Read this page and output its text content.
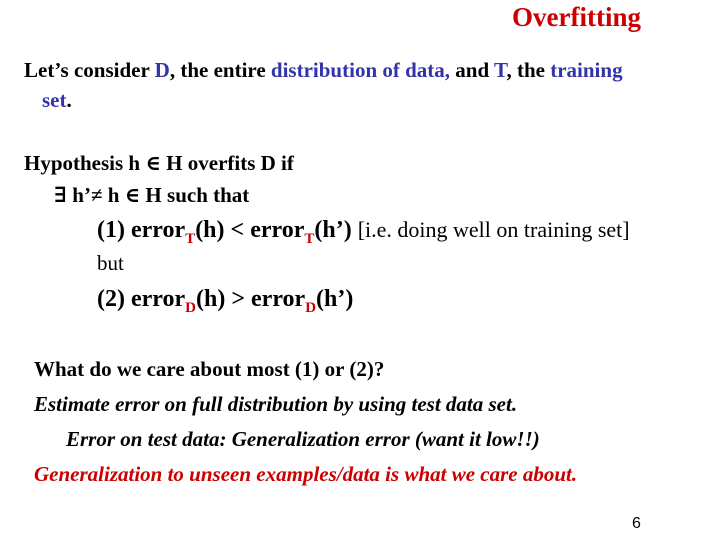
Overfitting
Let’s consider D, the entire distribution of data, and T, the training
set.
Hypothesis h ∈ H overfits D if
∃ h’≠ h ∈ H such that
(1) error$_T$(h) < error$_T$(h’) [i.e. doing well on training set]
but
(2) error$_D$(h) > error$_D$(h’)
What do we care about most (1) or (2)?
Estimate error on full distribution by using test data set.
Error on test data: Generalization error (want it low!!)
Generalization to unseen examples/data is what we care about.
6
